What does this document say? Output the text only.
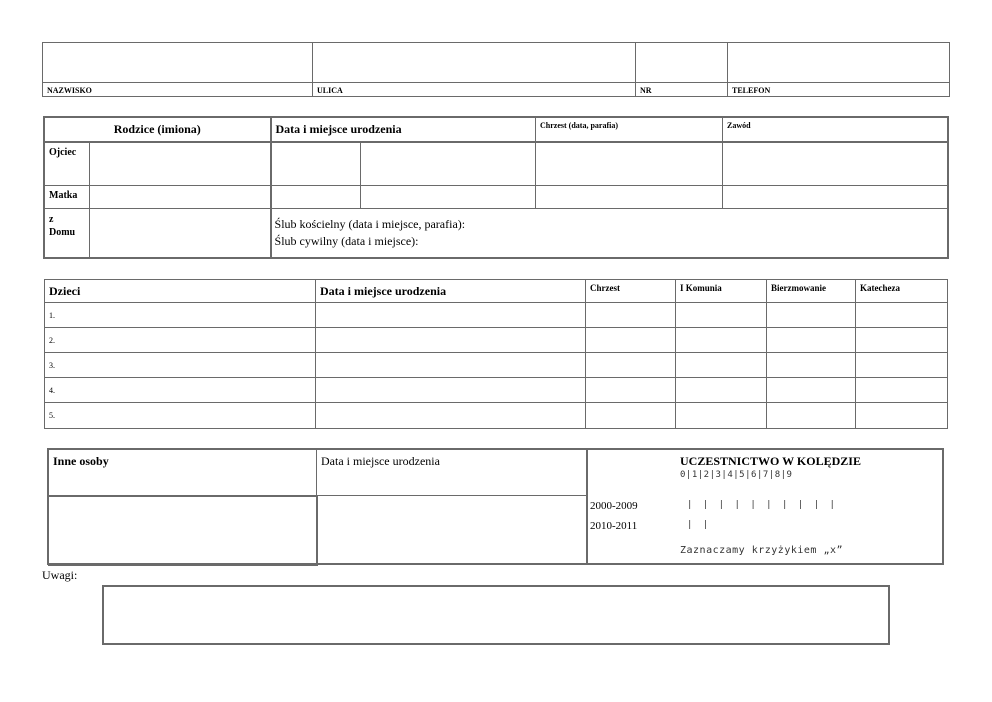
NAZWISKO	ULICA	NR	TELEFON
Rodzice (imiona)		Data i miejsce urodzenia		Chrzest (data, parafia)	Zawód
Ojciec					
Matka					
z
Domu		Ślub kościelny (data i miejsce, parafia):
Ślub cywilny (data i miejsce):			
Dzieci	Data i miejsce urodzenia	Chrzest	I Komunia	Bierzmowanie	Katecheza
1.					
2.					
3.					
4.					
5.					
Inne osoby	Data i miejsce urodzenia
		UCZESTNICTWO W KOLĘDZIE
0|1|2|3|4|5|6|7|8|9
2000-2009	| | | | | | | | | |
2010-2011	| |
Zaznaczamy krzyżykiem „x”
Uwagi:
